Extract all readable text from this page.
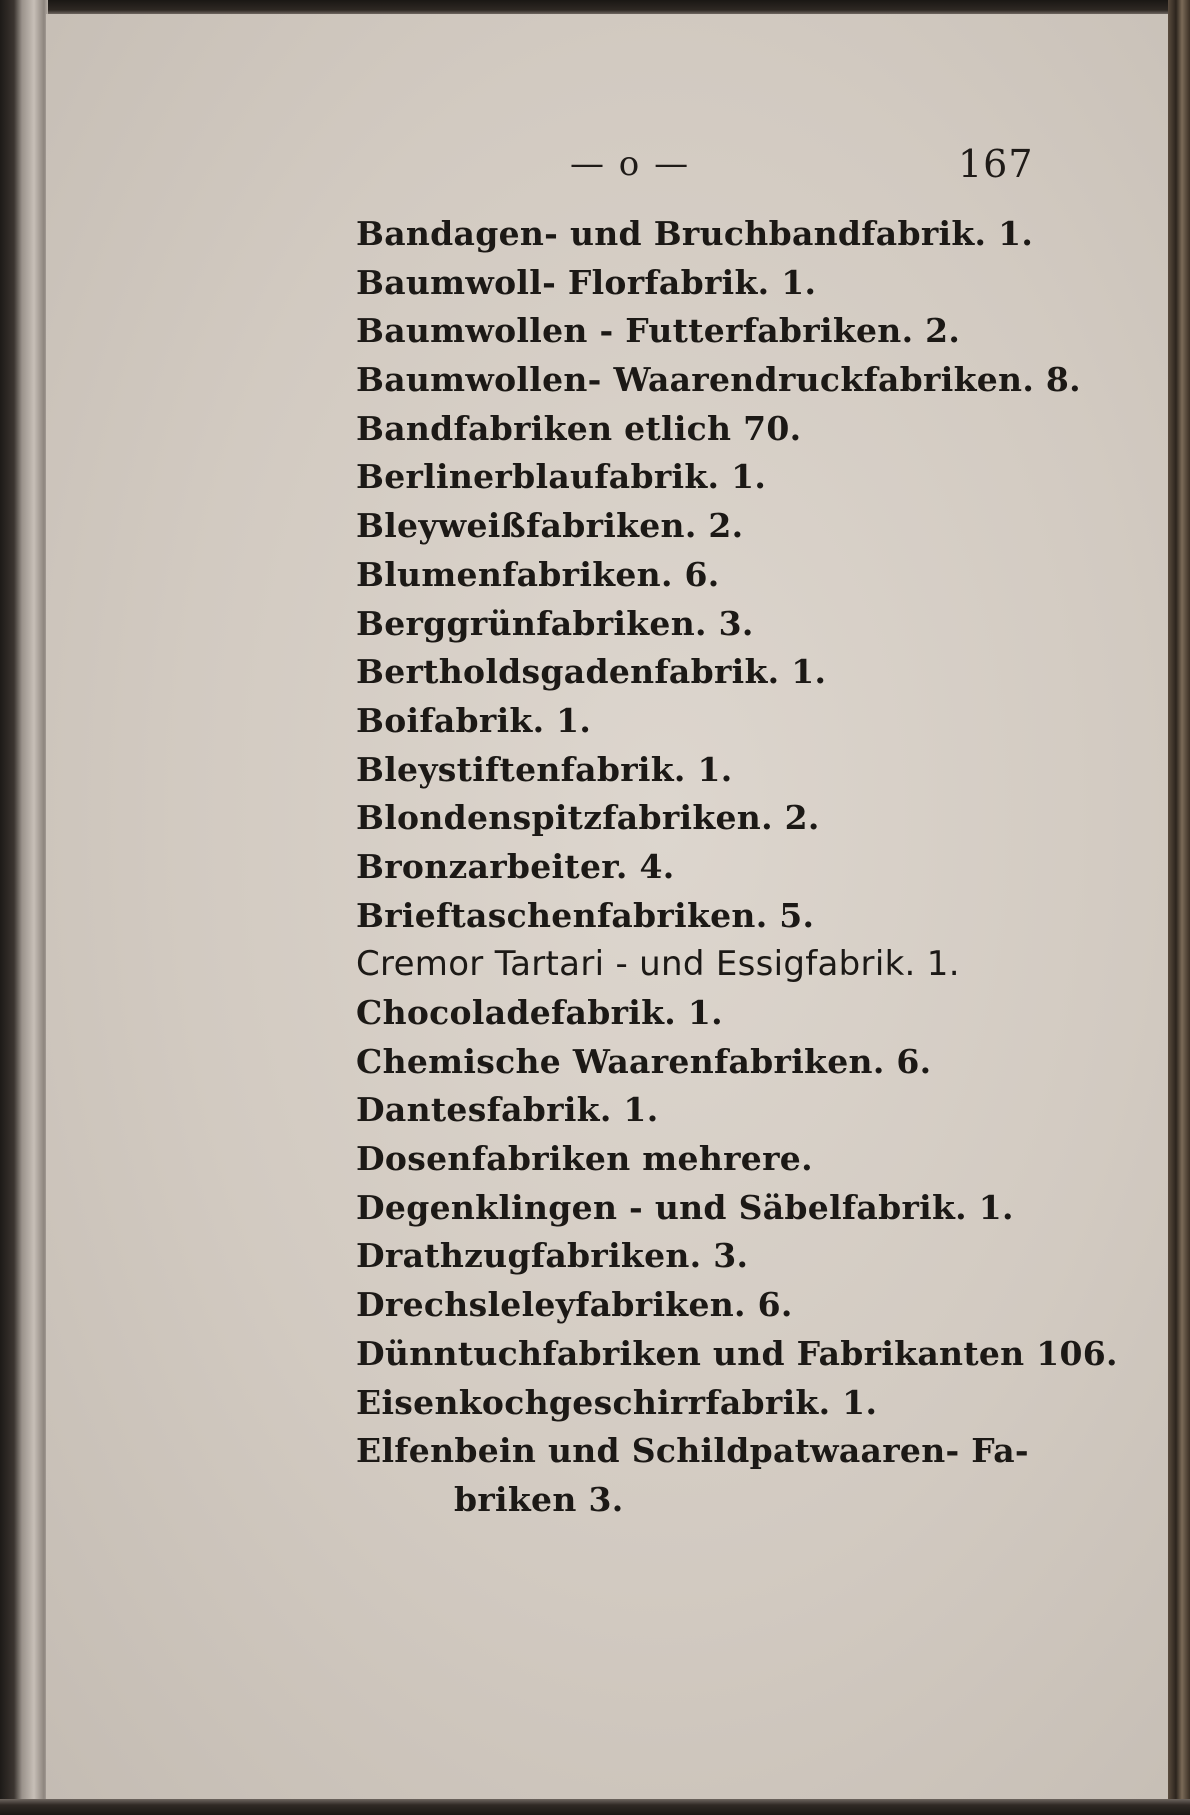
— o —	167
Bandagen- und Bruchbandfabrik. 1.
Baumwoll- Florfabrik. 1.
Baumwollen - Futterfabriken. 2.
Baumwollen- Waarendruckfabriken. 8.
Bandfabriken etlich 70.
Berlinerblaufabrik. 1.
Bleyweißfabriken. 2.
Blumenfabriken. 6.
Berggrünfabriken. 3.
Bertholdsgadenfabrik. 1.
Boifabrik. 1.
Bleystiftenfabrik. 1.
Blondenspitzfabriken. 2.
Bronzarbeiter. 4.
Brieftaschenfabriken. 5.
Cremor Tartari - und Essigfabrik. 1.
Chocoladefabrik. 1.
Chemische Waarenfabriken. 6.
Dantesfabrik. 1.
Dosenfabriken mehrere.
Degenklingen - und Säbelfabrik. 1.
Drathzugfabriken. 3.
Drechsleleyfabriken. 6.
Dünntuchfabriken und Fabrikanten 106.
Eisenkochgeschirrfabrik. 1.
Elfenbein und Schildpatwaaren- Fa-
briken 3.
